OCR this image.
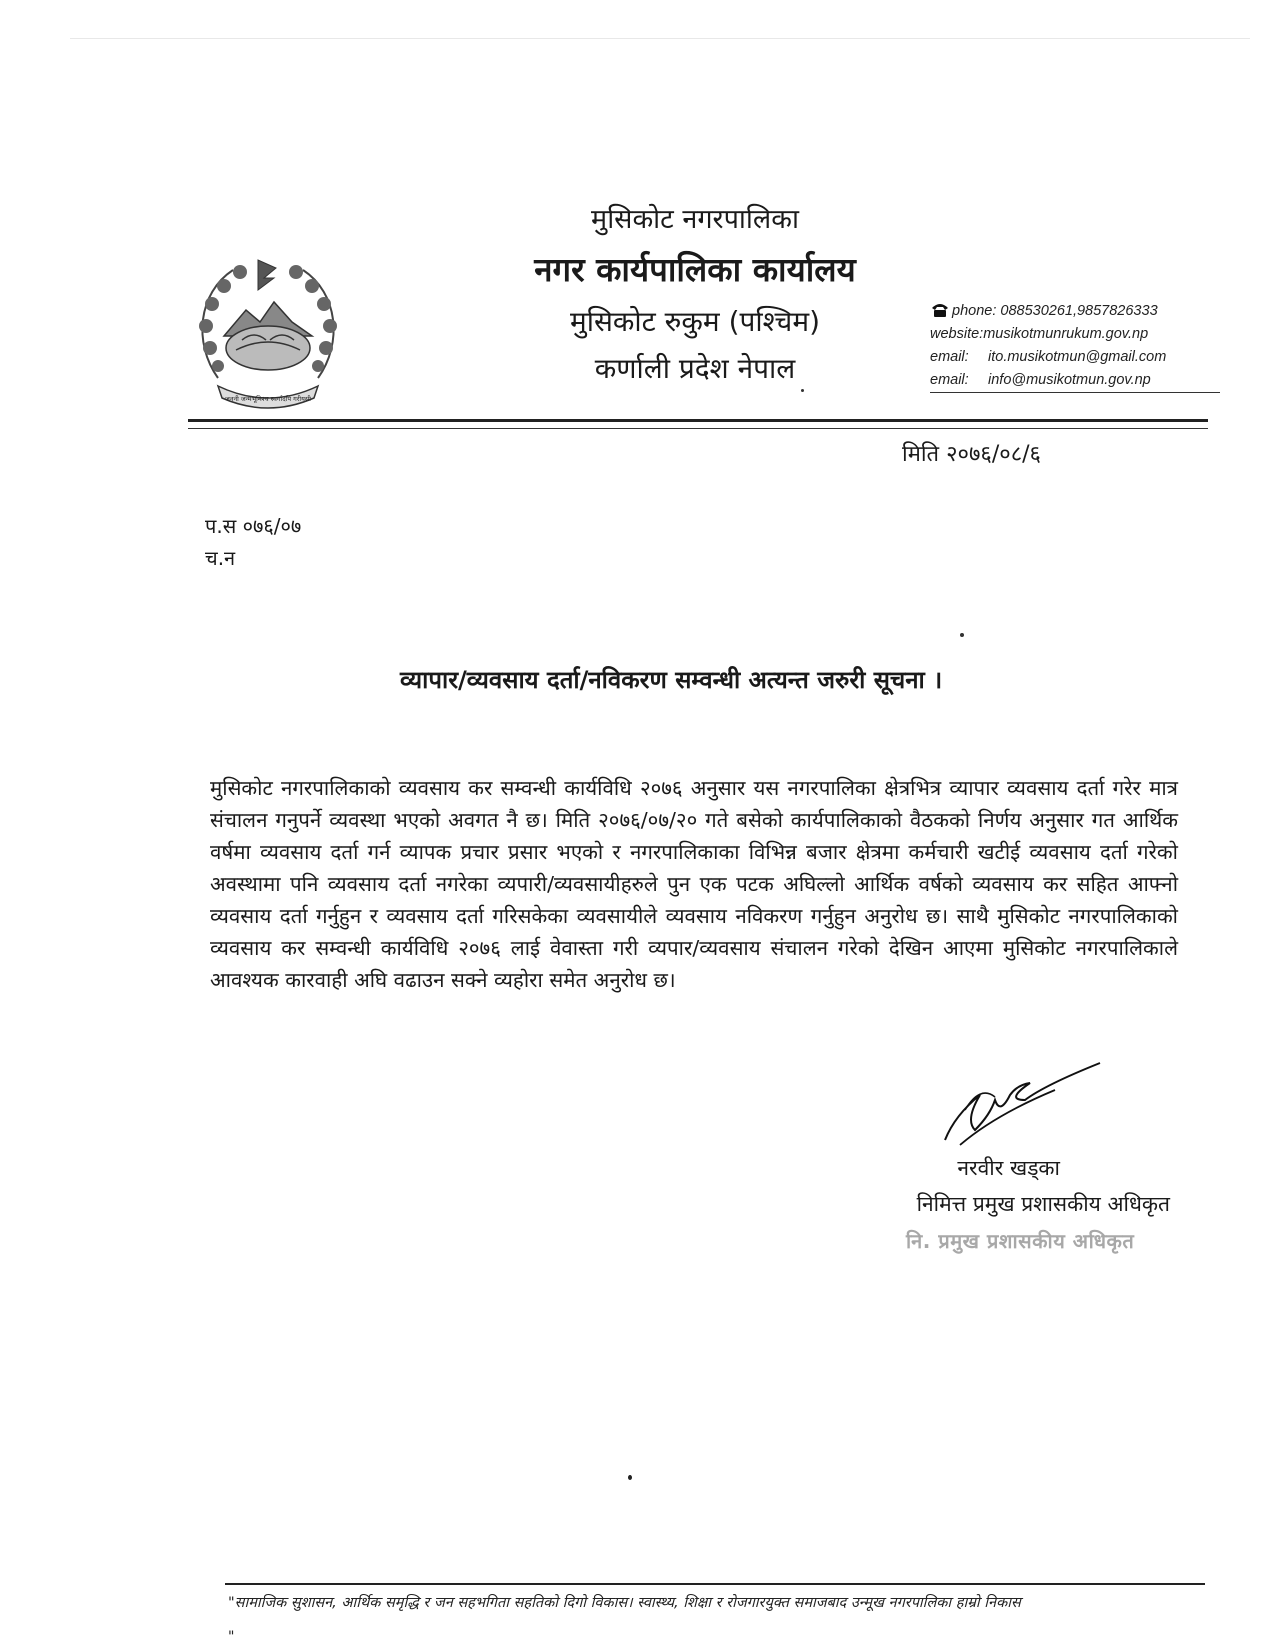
जननी जन्मभूमिश्च स्वर्गादपि गरीयसी
मुसिकोट नगरपालिका
नगर कार्यपालिका कार्यालय
मुसिकोट रुकुम (पश्चिम)
कर्णाली प्रदेश नेपाल
phone: 088530261,9857826333
website:musikotmunrukum.gov.np
email: ito.musikotmun@gmail.com
email: info@musikotmun.gov.np
मिति २०७६/०८/६
प.स ०७६/०७
च.न
व्यापार/व्यवसाय दर्ता/नविकरण सम्वन्धी अत्यन्त जरुरी सूचना ।
मुसिकोट नगरपालिकाको व्यवसाय कर सम्वन्धी कार्यविधि २०७६ अनुसार यस नगरपालिका क्षेत्रभित्र व्यापार व्यवसाय दर्ता गरेर मात्र संचालन गनुपर्ने व्यवस्था भएको अवगत नै छ। मिति २०७६/०७/२० गते बसेको कार्यपालिकाको वैठकको निर्णय अनुसार गत आर्थिक वर्षमा व्यवसाय दर्ता गर्न व्यापक प्रचार प्रसार भएको र नगरपालिकाका विभिन्न बजार क्षेत्रमा कर्मचारी खटीई व्यवसाय दर्ता गरेको अवस्थामा पनि व्यवसाय दर्ता नगरेका व्यपारी/व्यवसायीहरुले पुन एक पटक अघिल्लो आर्थिक वर्षको व्यवसाय कर सहित आफ्नो व्यवसाय दर्ता गर्नुहुन र व्यवसाय दर्ता गरिसकेका व्यवसायीले व्यवसाय नविकरण गर्नुहुन अनुरोध छ। साथै मुसिकोट नगरपालिकाको व्यवसाय कर सम्वन्धी कार्यविधि २०७६ लाई वेवास्ता गरी व्यपार/व्यवसाय संचालन गरेको देखिन आएमा मुसिकोट नगरपालिकाले आवश्यक कारवाही अघि वढाउन सक्ने व्यहोरा समेत अनुरोध छ।
नरवीर खड्का
निमित्त प्रमुख प्रशासकीय अधिकृत
नि. प्रमुख प्रशासकीय अधिकृत
"सामाजिक सुशासन, आर्थिक समृद्धि र जन सहभगिता सहतिको दिगो विकास। स्वास्थ्य, शिक्षा र रोजगारयुक्त समाजबाद उन्मूख नगरपालिका हाम्रो निकास
"
